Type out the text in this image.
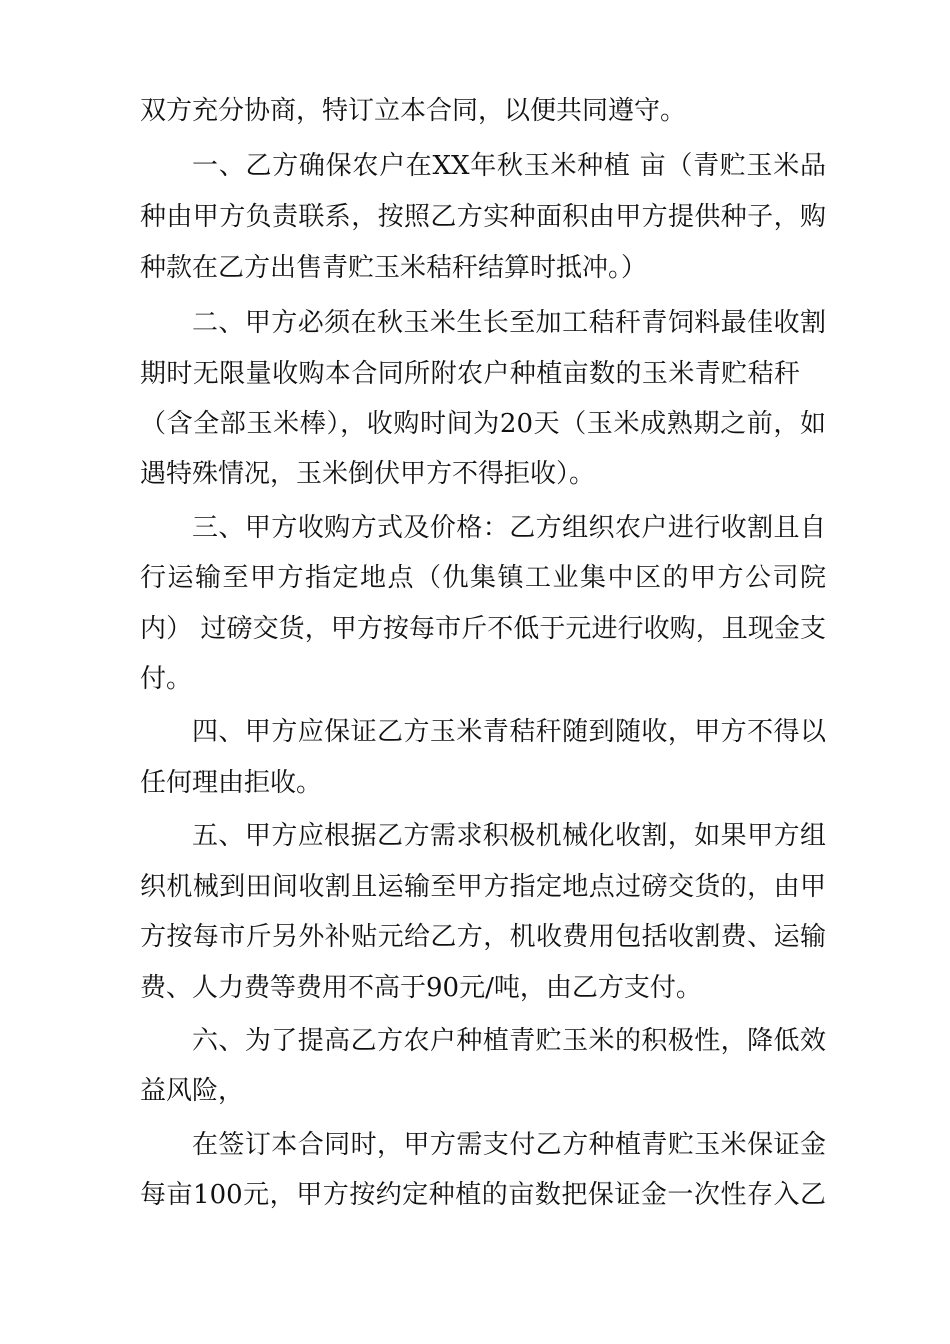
双方充分协商，特订立本合同，以便共同遵守。
一、乙方确保农户在XX年秋玉米种植 亩（青贮玉米品
种由甲方负责联系，按照乙方实种面积由甲方提供种子，购
种款在乙方出售青贮玉米秸秆结算时抵冲。）
二、甲方必须在秋玉米生长至加工秸秆青饲料最佳收割
期时无限量收购本合同所附农户种植亩数的玉米青贮秸秆
（含全部玉米棒），收购时间为20天（玉米成熟期之前，如
遇特殊情况，玉米倒伏甲方不得拒收）。
三、甲方收购方式及价格：乙方组织农户进行收割且自
行运输至甲方指定地点（仇集镇工业集中区的甲方公司院
内） 过磅交货，甲方按每市斤不低于元进行收购，且现金支
付。
四、甲方应保证乙方玉米青秸秆随到随收，甲方不得以
任何理由拒收。
五、甲方应根据乙方需求积极机械化收割，如果甲方组
织机械到田间收割且运输至甲方指定地点过磅交货的，由甲
方按每市斤另外补贴元给乙方，机收费用包括收割费、运输
费、人力费等费用不高于90元/吨，由乙方支付。
六、为了提高乙方农户种植青贮玉米的积极性，降低效
益风险，
在签订本合同时，甲方需支付乙方种植青贮玉米保证金
每亩100元，甲方按约定种植的亩数把保证金一次性存入乙
